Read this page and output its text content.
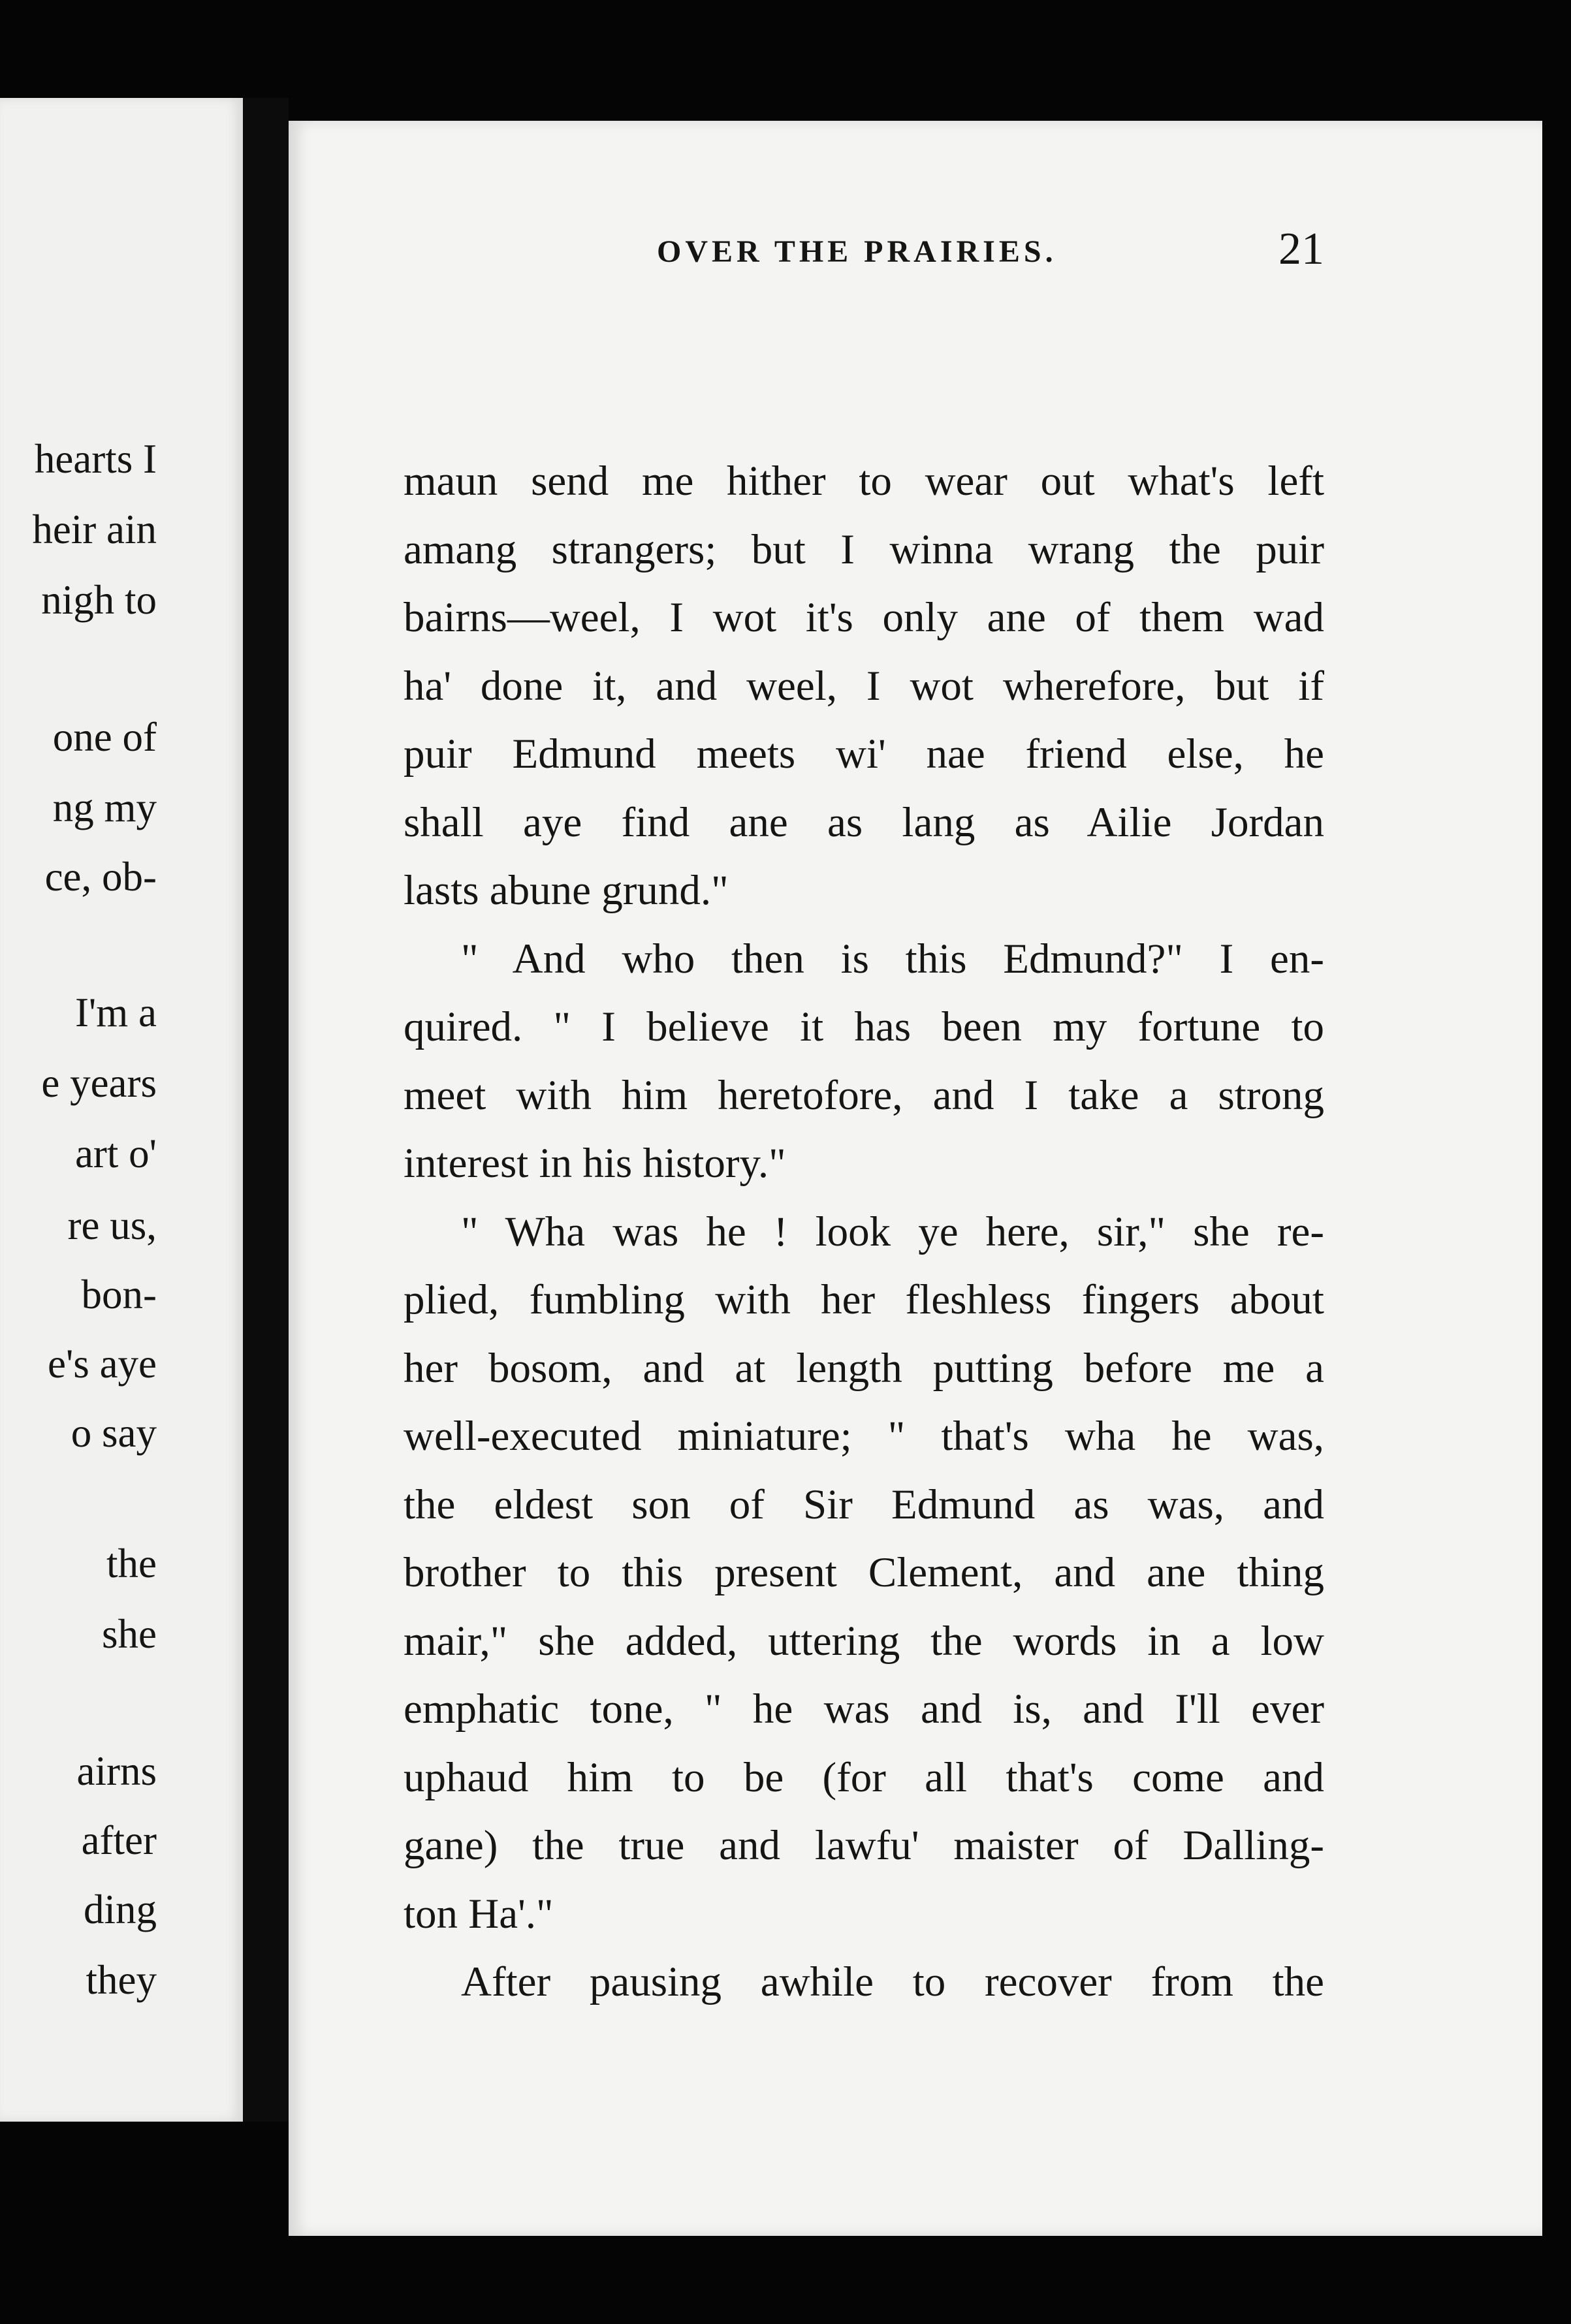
hearts I

heir ain

nigh to

one of

ng my

ce, ob-

I'm a

e years

art o'

re us,

bon-

e's aye

o say

the

she

airns

after

ding

they

OVER THE PRAIRIES.	21

maun send me hither to wear out what's left

amang strangers; but I winna wrang the puir

bairns—weel, I wot it's only ane of them wad

ha' done it, and weel, I wot wherefore, but if

puir Edmund meets wi' nae friend else, he

shall aye find ane as lang as Ailie Jordan

lasts abune grund."

" And who then is this Edmund?" I en-

quired. " I believe it has been my fortune to

meet with him heretofore, and I take a strong

interest in his history."

" Wha was he ! look ye here, sir," she re-

plied, fumbling with her fleshless fingers about

her bosom, and at length putting before me a

well-executed miniature; " that's wha he was,

the eldest son of Sir Edmund as was, and

brother to this present Clement, and ane thing

mair," she added, uttering the words in a low

emphatic tone, " he was and is, and I'll ever

uphaud him to be (for all that's come and

gane) the true and lawfu' maister of Dalling-

ton Ha'."

After pausing awhile to recover from the
